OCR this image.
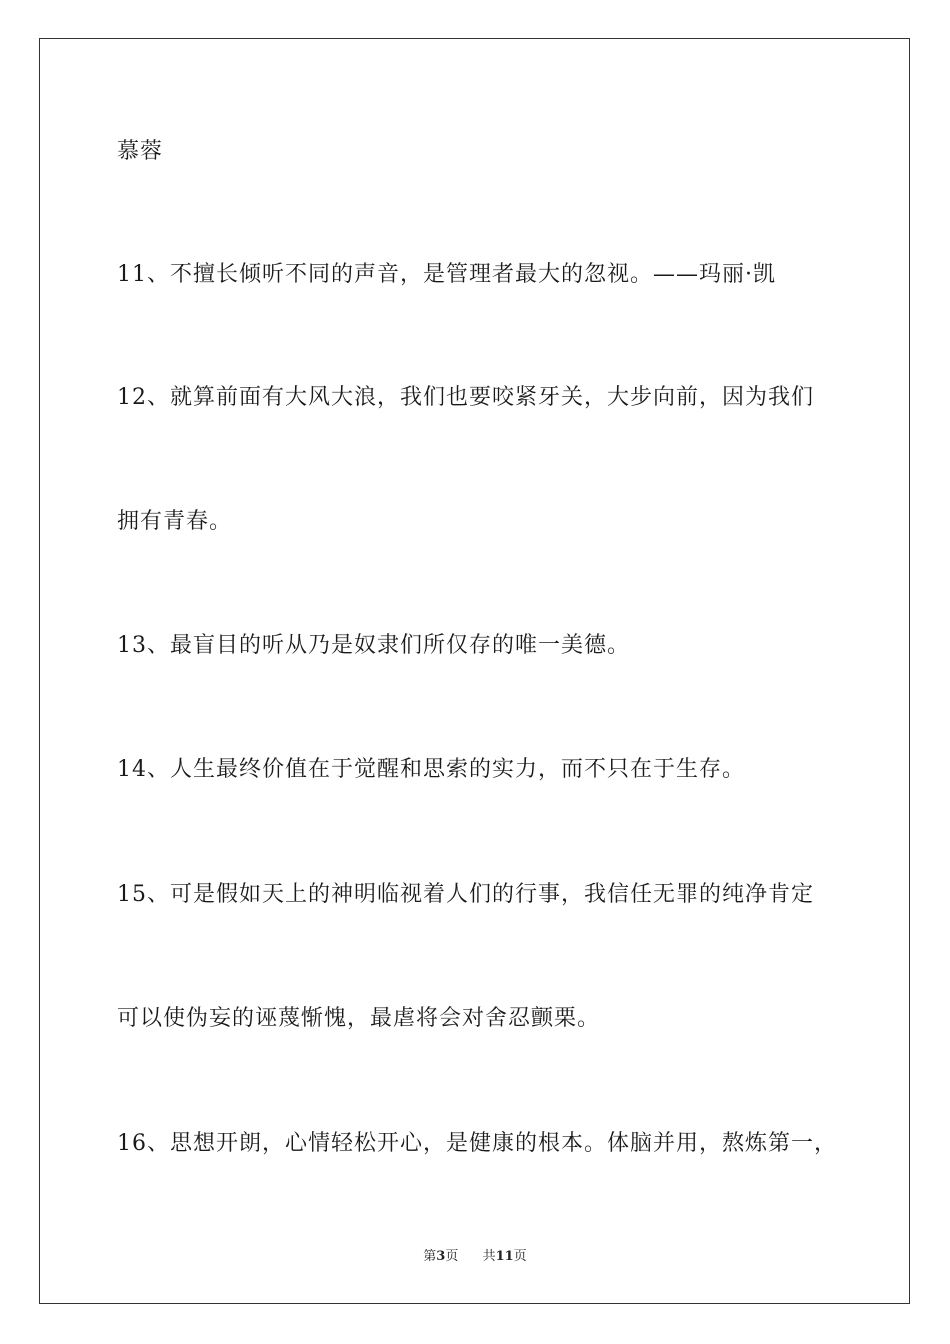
慕蓉
11、不擅长倾听不同的声音，是管理者最大的忽视。——玛丽·凯
12、就算前面有大风大浪，我们也要咬紧牙关，大步向前，因为我们
拥有青春。
13、最盲目的听从乃是奴隶们所仅存的唯一美德。
14、人生最终价值在于觉醒和思索的实力，而不只在于生存。
15、可是假如天上的神明临视着人们的行事，我信任无罪的纯净肯定
可以使伪妄的诬蔑惭愧，最虐将会对舍忍颤栗。
16、思想开朗，心情轻松开心，是健康的根本。体脑并用，熬炼第一，
第3页 共11页
